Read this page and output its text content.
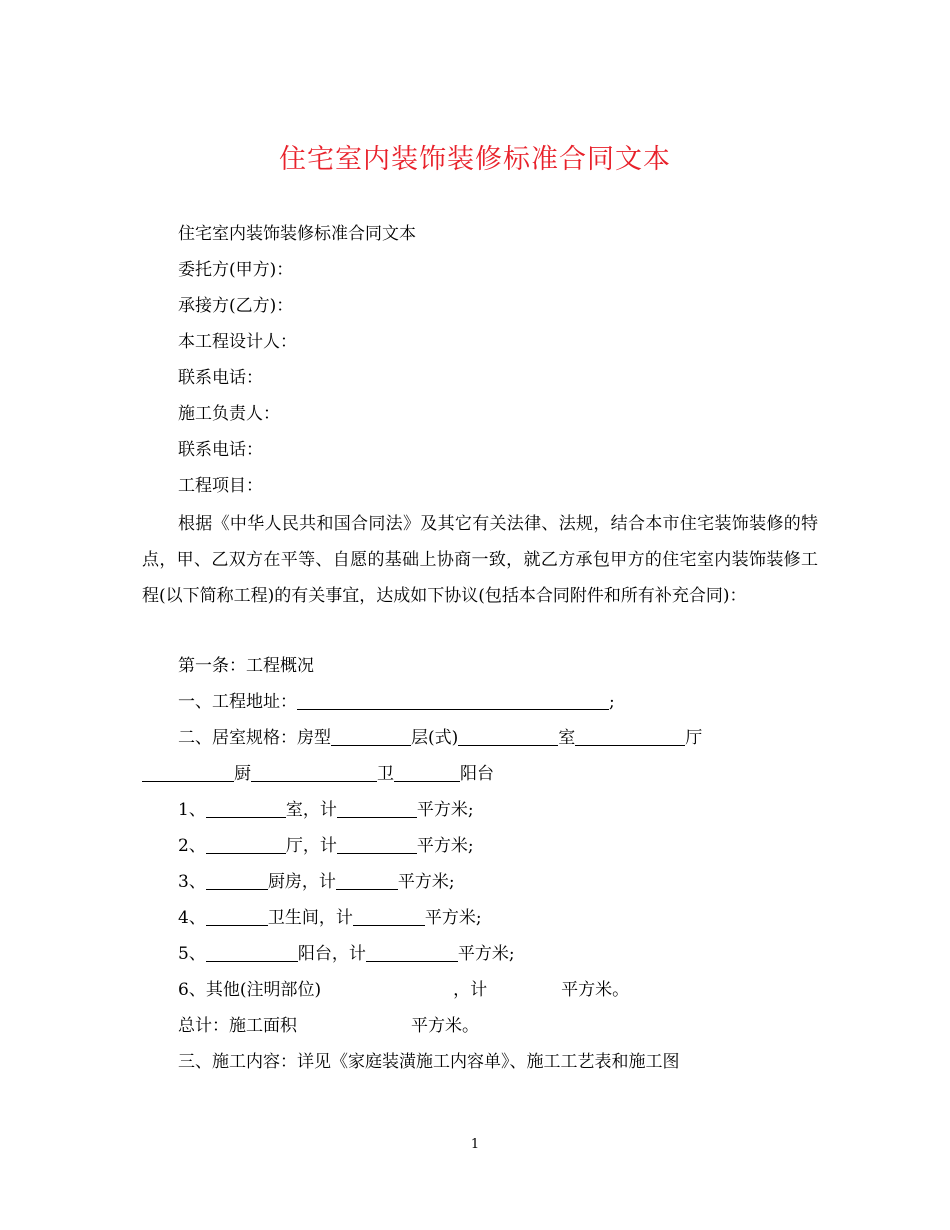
住宅室内装饰装修标准合同文本
住宅室内装饰装修标准合同文本
委托方(甲方)：
承接方(乙方)：
本工程设计人：
联系电话：
施工负责人：
联系电话：
工程项目：
根据《中华人民共和国合同法》及其它有关法律、法规，结合本市住宅装饰装修的特点，甲、乙双方在平等、自愿的基础上协商一致，就乙方承包甲方的住宅室内装饰装修工程(以下简称工程)的有关事宜，达成如下协议(包括本合同附件和所有补充合同)：
第一条：工程概况
一、工程地址：	;
二、居室规格：房型	层(式)	室	厅
厨	卫	阳台
1、	室，计	平方米;
2、	厅，计	平方米;
3、	厨房，计	平方米;
4、	卫生间，计	平方米;
5、	阳台，计	平方米;
6、其他(注明部位)	，计	平方米。
总计：施工面积	平方米。
三、施工内容：详见《家庭装潢施工内容单》、施工工艺表和施工图
1
